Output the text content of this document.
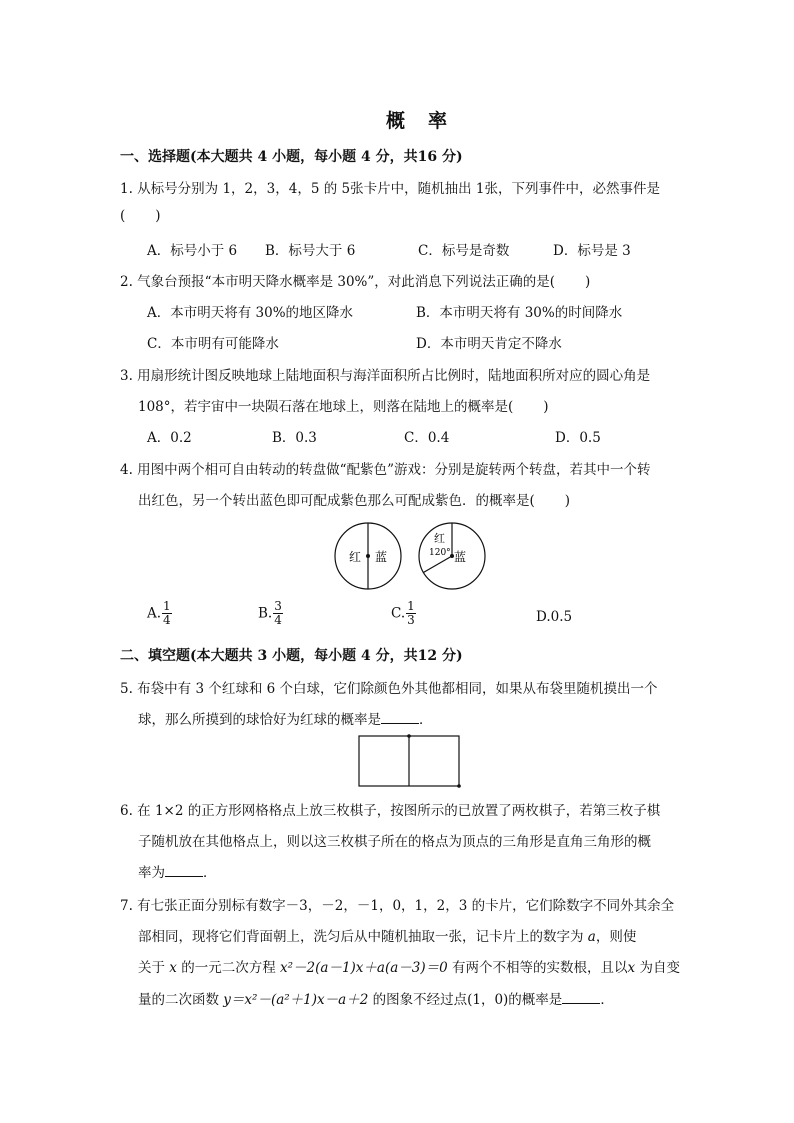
概 率
一、选择题(本大题共 4 小题，每小题 4 分，共16 分)
1. 从标号分别为 1，2，3，4，5 的 5张卡片中，随机抽出 1张，下列事件中，必然事件是
( )
A．标号小于 6 B．标号大于 6	C．标号是奇数	D．标号是 3
2. 气象台预报“本市明天降水概率是 30%”，对此消息下列说法正确的是( )
A．本市明天将有 30%的地区降水	B．本市明天将有 30%的时间降水
C．本市明有可能降水	D．本市明天肯定不降水
3. 用扇形统计图反映地球上陆地面积与海洋面积所占比例时，陆地面积所对应的圆心角是
108°，若宇宙中一块陨石落在地球上，则落在陆地上的概率是( )
A．0.2	B．0.3	C．0.4	D．0.5
4. 用图中两个相可自由转动的转盘做“配紫色”游戏：分别是旋转两个转盘，若其中一个转
出红色，另一个转出蓝色即可配成紫色那么可配成紫色．的概率是( )
红 蓝
红
120° 蓝
A. $\frac{1}{4}$	B. $\frac{3}{4}$	C. $\frac{1}{3}$	D.0.5
二、填空题(本大题共 3 小题，每小题 4 分，共12 分)
5. 布袋中有 3 个红球和 6 个白球，它们除颜色外其他都相同，如果从布袋里随机摸出一个
球，那么所摸到的球恰好为红球的概率是	．
6. 在 1×2 的正方形网格格点上放三枚棋子，按图所示的已放置了两枚棋子，若第三枚子棋
子随机放在其他格点上，则以这三枚棋子所在的格点为顶点的三角形是直角三角形的概
率为	．
7. 有七张正面分别标有数字－3，－2，－1，0，1，2，3 的卡片，它们除数字不同外其余全
部相同，现将它们背面朝上，洗匀后从中随机抽取一张，记卡片上的数字为 a，则使
关于 x 的一元二次方程 x²－2(a－1)x＋a(a－3)＝0 有两个不相等的实数根，且以x 为自变
量的二次函数 y＝x²－(a²＋1)x－a＋2 的图象不经过点(1，0)的概率是	．
